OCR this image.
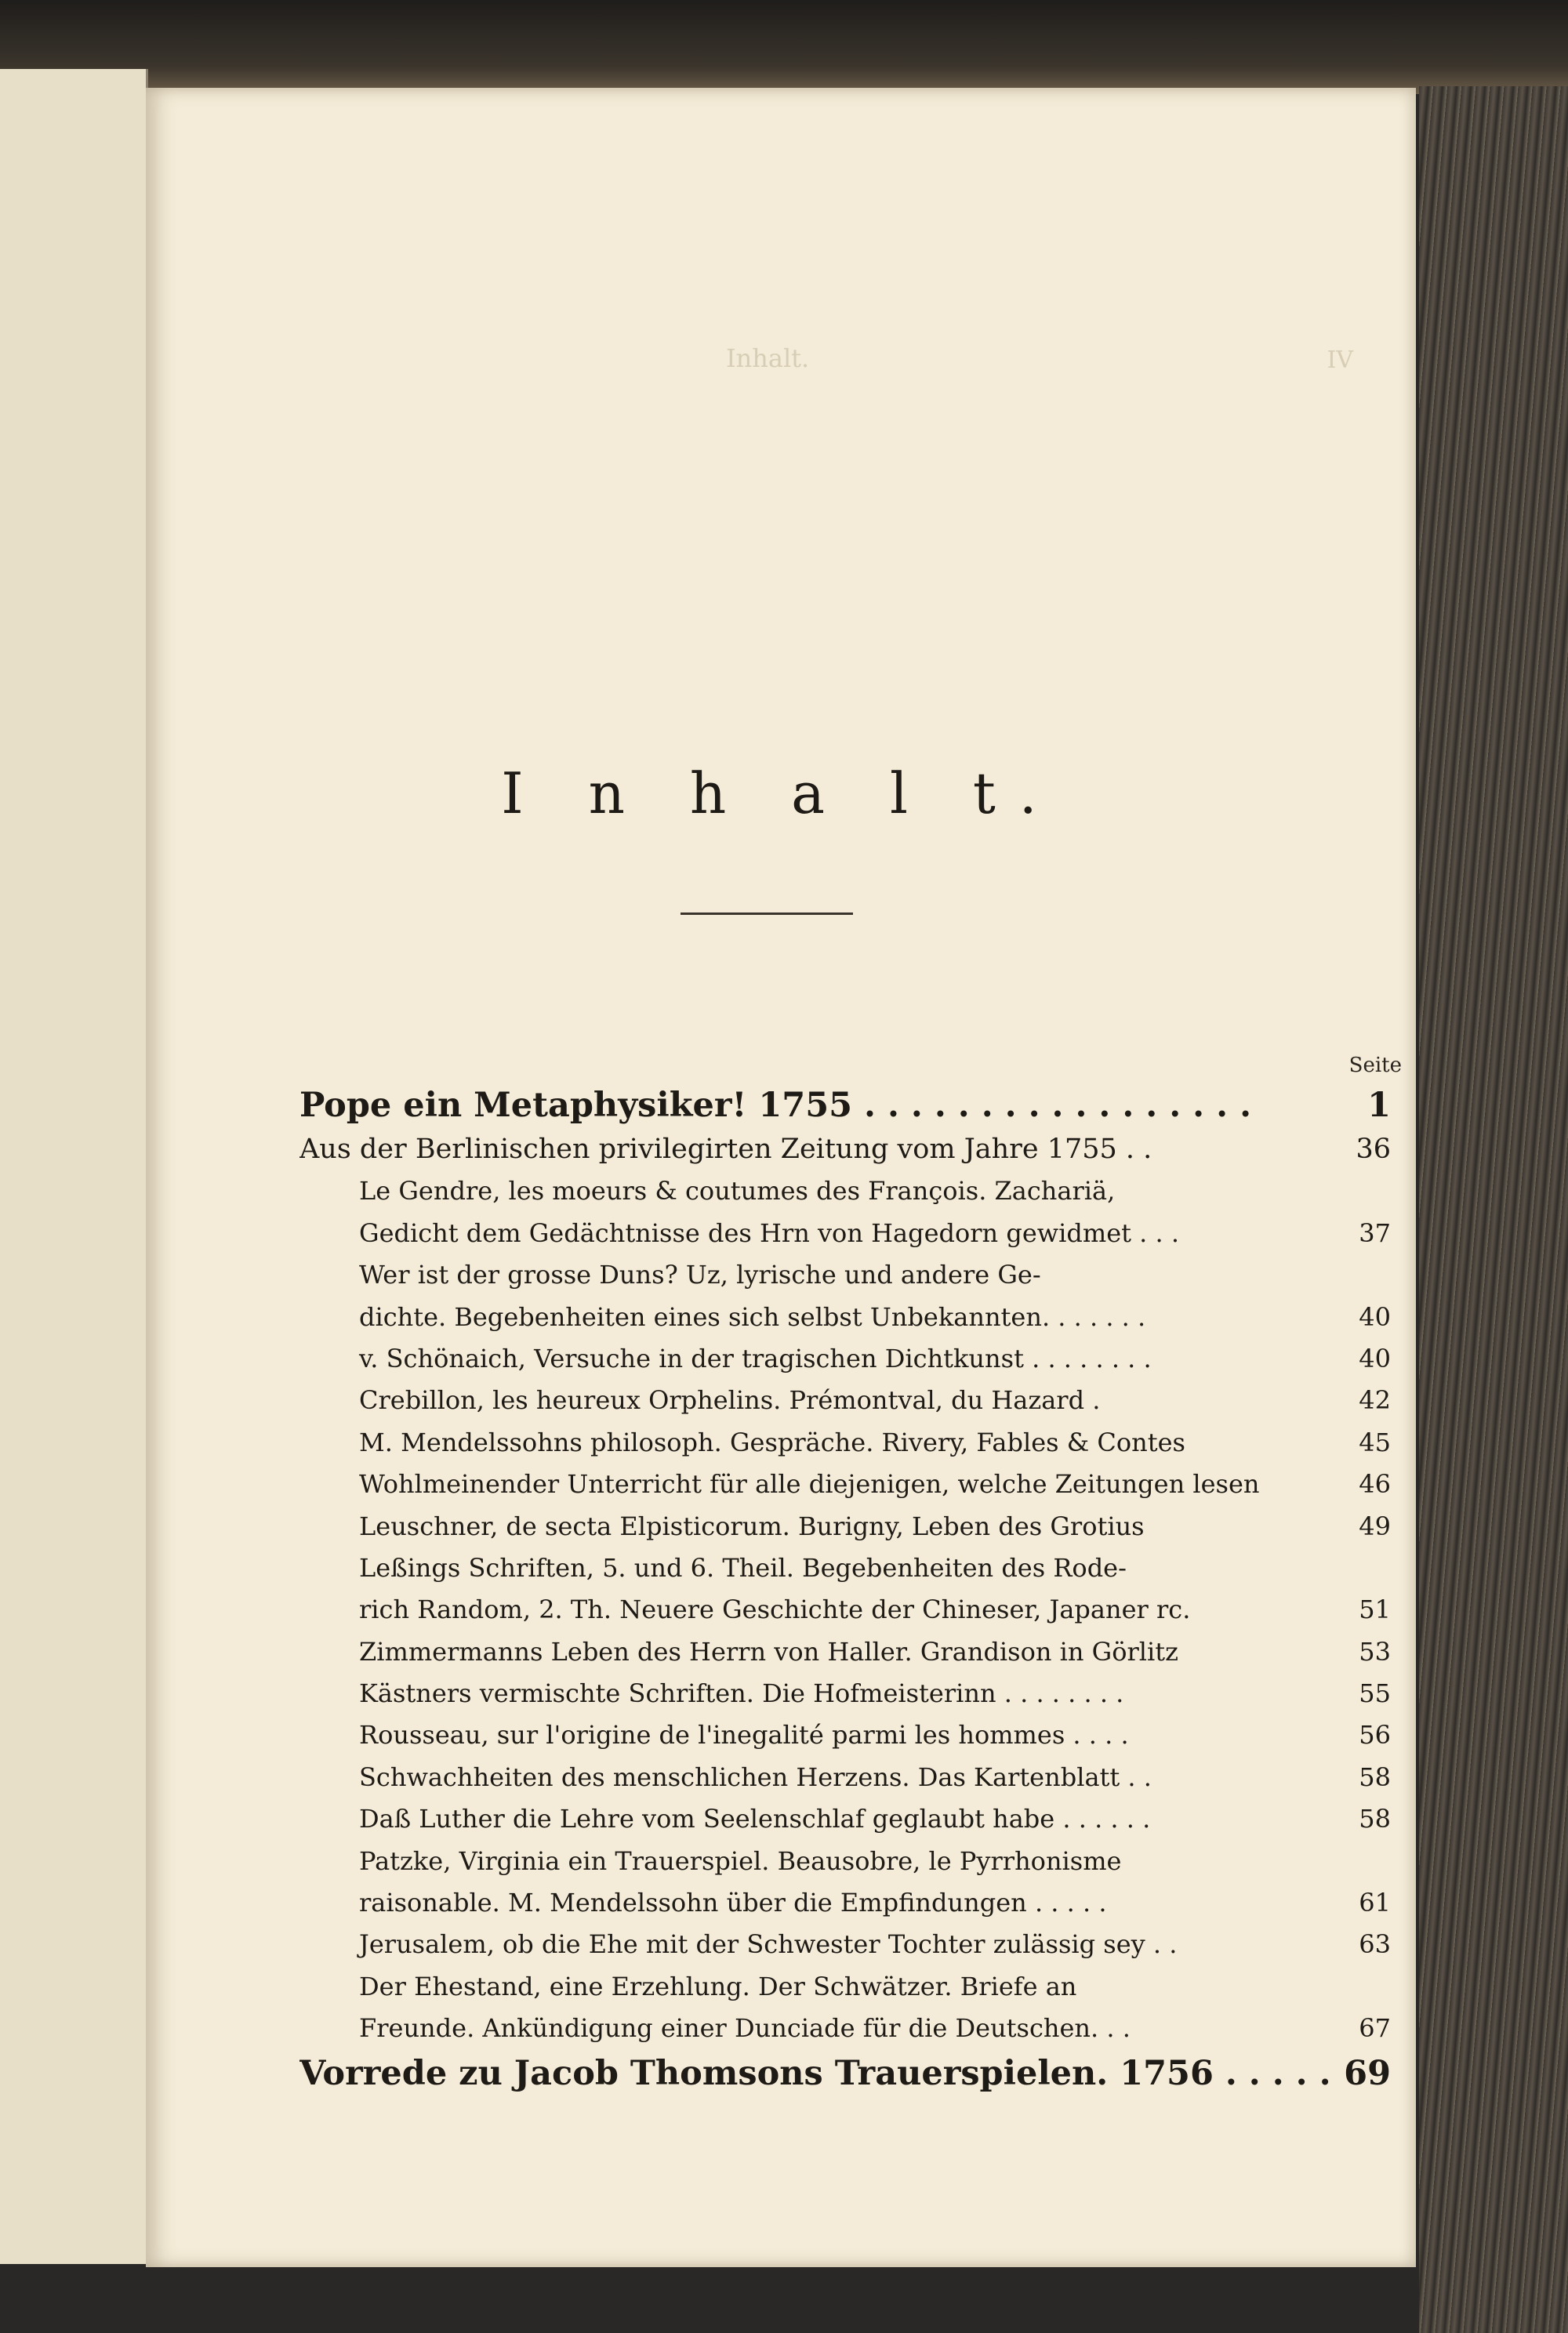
Inhalt.	IV
I n h a l t.
Seite
Pope ein Metaphysiker! 1755 . . . . . . . . . . . . . . . . .	1
Aus der Berlinischen privilegirten Zeitung vom Jahre 1755 . .	36
Le Gendre, les moeurs & coutumes des François. Zachariä,
Gedicht dem Gedächtnisse des Hrn von Hagedorn gewidmet . . .	37
Wer ist der grosse Duns? Uz, lyrische und andere Ge-
dichte. Begebenheiten eines sich selbst Unbekannten. . . . . . .	40
v. Schönaich, Versuche in der tragischen Dichtkunst . . . . . . . .	40
Crebillon, les heureux Orphelins. Prémontval, du Hazard .	42
M. Mendelssohns philosoph. Gespräche. Rivery, Fables & Contes	45
Wohlmeinender Unterricht für alle diejenigen, welche Zeitungen lesen	46
Leuschner, de secta Elpisticorum. Burigny, Leben des Grotius	49
Leßings Schriften, 5. und 6. Theil. Begebenheiten des Rode-
rich Random, 2. Th. Neuere Geschichte der Chineser, Japaner rc.	51
Zimmermanns Leben des Herrn von Haller. Grandison in Görlitz	53
Kästners vermischte Schriften. Die Hofmeisterinn . . . . . . . .	55
Rousseau, sur l'origine de l'inegalité parmi les hommes . . . .	56
Schwachheiten des menschlichen Herzens. Das Kartenblatt . .	58
Daß Luther die Lehre vom Seelenschlaf geglaubt habe . . . . . .	58
Patzke, Virginia ein Trauerspiel. Beausobre, le Pyrrhonisme
raisonable. M. Mendelssohn über die Empfindungen . . . . .	61
Jerusalem, ob die Ehe mit der Schwester Tochter zulässig sey . .	63
Der Ehestand, eine Erzehlung. Der Schwätzer. Briefe an
Freunde. Ankündigung einer Dunciade für die Deutschen. . .	67
Vorrede zu Jacob Thomsons Trauerspielen. 1756 . . . . . 69
